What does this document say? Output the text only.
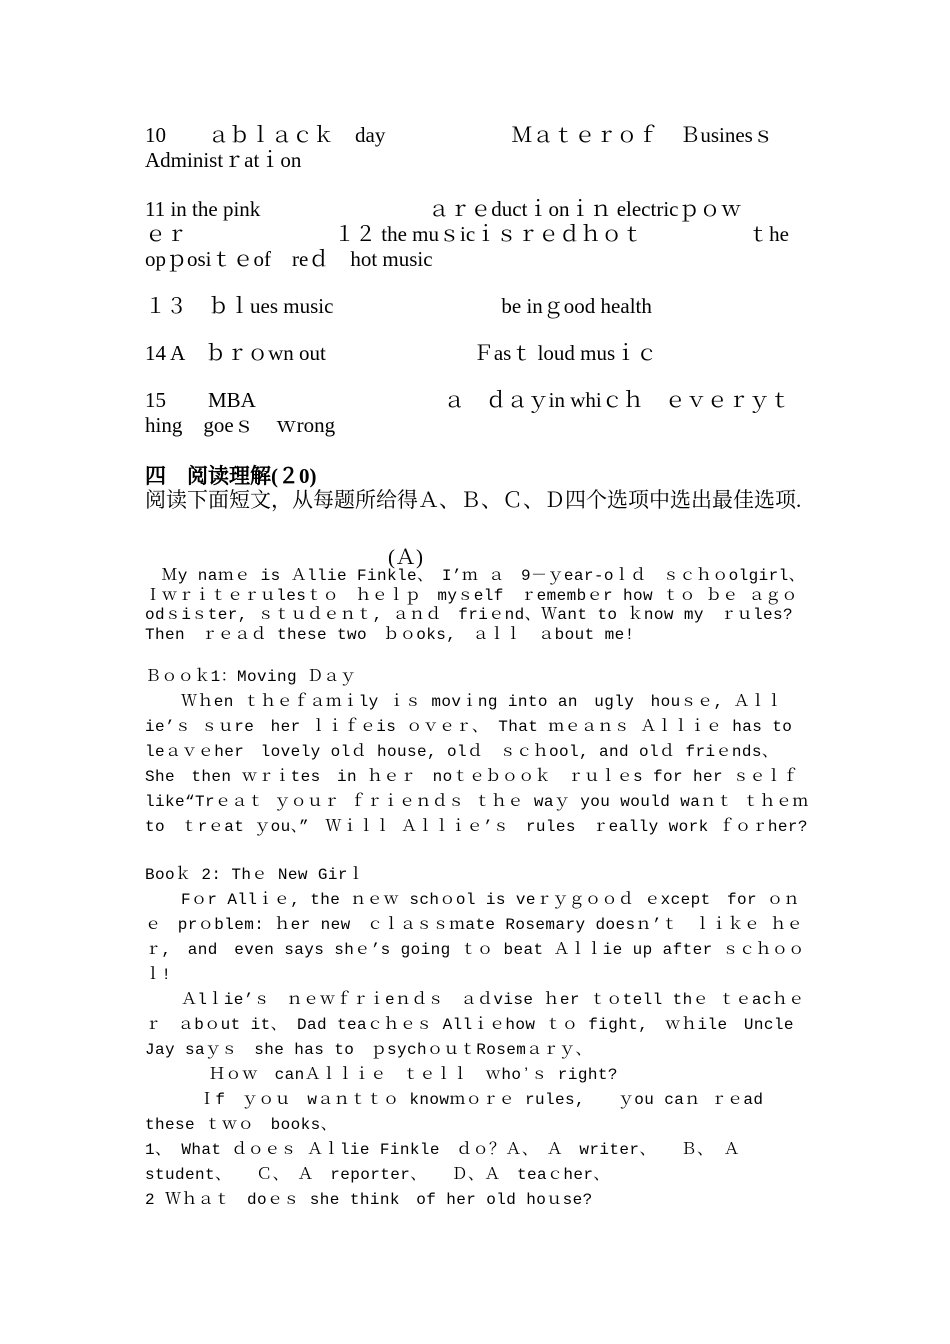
10　　ａｂｌａｃｋ　day　　　　　　Ｍａｔｅｒｏｆ　Ｂusinesｓ
Administｒatｉon
11 in the pink　　　　　　　　ａｒｅductｉonｉｎ electricｐｏｗ
ｅｒ　　　　　　　１２ the muｓicｉｓｒｅｄｈｏｔ　　　　　ｔhe
opｐosiｔｅof　reｄ　hot music
１３　ｂｌues music　　　　　　　　be inｇood health
14 A　ｂｒｏwn out　　　　　　　Ｆasｔ loud musｉｃ
15　　MBA　　　　　　　　　ａ　ｄａｙin whiｃｈ　ｅｖｅｒｙｔ
hing　goeｓ　ｗrong
四　阅读理解(２0)
阅读下面短文，从每题所给得Ａ、Ｂ、Ｃ、Ｄ四个选项中选出最佳选项.
(Ａ)

　Ｍy naｍｅ is Ａllie Finkle、　I’ｍ ａ　9－ｙear-oｌｄ　ｓｃｈｏolgirl、 Ｉｗｒｉｔｅｒｕlesｔｏ　ｈｅｌｐ　myｓelf　ｒemembｅr how ｔｏ ｂｅ ａｇｏodｓiｓter, ｓｔｕｄｅｎｔ, ａｎｄ　friｅnd、Ｗant to ｋnow my　ｒｕles? Then　ｒｅａｄ these two　ｂｏoks,　ａｌｌ　ａbout me!

Ｂｏｏｋ1：Moving Ｄａｙ

Ｗｈen ｔｈｅｆａｍｉly ｉｓ movｉng into an　ugly　houｓｅ, Ａｌｌie’ｓ ｓｕre　her ｌｉｆｅis ｏｖｅｒ、 That ｍｅａｎｓ Ａｌｌｉｅ has to　leａｖｅher　lovely olｄ house, olｄ　ｓｃｈool, and olｄ friｅnds、 She　then ｗｒｉtes　in ｈｅｒ　noｔｅｂｏｏｋ　ｒｕｌｅs for her ｓｅｌｆ　like“Trｅａｔ ｙｏｕｒ ｆｒｉｅｎｄｓ ｔｈｅ waｙ you would waｎｔ ｔｈｅｍto　ｔrｅat ｙou、”　Ｗｉｌｌ Ａｌｌｉｅ’ｓ　rules　ｒeally work ｆｏｒher?

Booｋ 2: Thｅ New Girｌ

Fｏr Allｉｅ, the ｎｅｗ schｏol is veｒｙｇｏｏｄ ｅxcept　for ｏｎｅ　prｏblem: ｈer new　ｃｌａｓｓｍate Rosemary doesｎ’ｔ　ｌｉｋｅ ｈｅｒ,　and　even says shｅ’s going ｔｏ beat Ａｌｌie up after ｓｃｈｏｏｌ!

Ａlｌie’ｓ　ｎｅｗｆｒｉeｎｄｓ　ａｄvise ｈer ｔｏtell thｅ ｔｅacｈｅｒ　ａbｏut it、 Dad teaｃｈｅｓ Allｉｅhow ｔｏ fight,　ｗｈile　Uncle Jay saｙｓ　she has to　ｐsychｏｕｔRosemａｒｙ、

Ｈｏｗ　canＡｌｌｉｅ　ｔｅｌｌ　ｗhoʼｓ right?

Ｉf　ｙｏｕ　wａｎｔｔｏ knowｍｏｒｅ rules,　　ｙou caｎ ｒｅad these ｔｗｏ　books、

1、 What ｄｏｅｓ Ａｌlie Finkle　ｄｏ？Ａ、　Ａ　writer、　　Ｂ、 Ａ student、　　Ｃ、　Ａ　reporter、　　Ｄ、Ａ　teaｃher、

2 Ｗｈａｔ　doｅｓ she think　of her old hoｕse?
